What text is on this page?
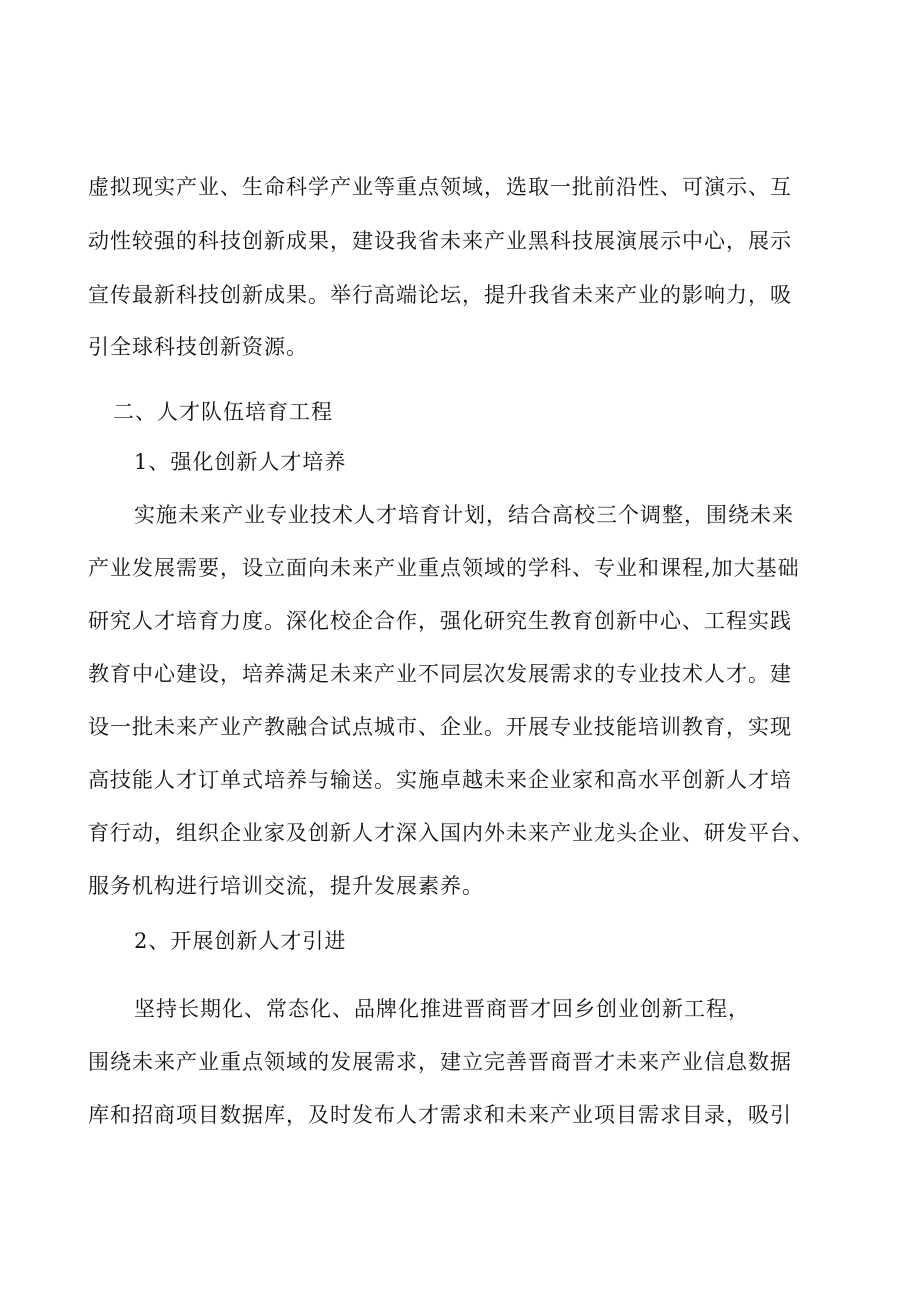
虚拟现实产业、生命科学产业等重点领域，选取一批前沿性、可演示、互
动性较强的科技创新成果，建设我省未来产业黑科技展演展示中心，展示
宣传最新科技创新成果。举行高端论坛，提升我省未来产业的影响力，吸
引全球科技创新资源。
二、人才队伍培育工程
1、强化创新人才培养
实施未来产业专业技术人才培育计划，结合高校三个调整，围绕未来
产业发展需要，设立面向未来产业重点领域的学科、专业和课程,加大基础
研究人才培育力度。深化校企合作，强化研究生教育创新中心、工程实践
教育中心建设，培养满足未来产业不同层次发展需求的专业技术人才。建
设一批未来产业产教融合试点城市、企业。开展专业技能培训教育，实现
高技能人才订单式培养与输送。实施卓越未来企业家和高水平创新人才培
育行动，组织企业家及创新人才深入国内外未来产业龙头企业、研发平台、
服务机构进行培训交流，提升发展素养。
2、开展创新人才引进
坚持长期化、常态化、品牌化推进晋商晋才回乡创业创新工程，
围绕未来产业重点领域的发展需求，建立完善晋商晋才未来产业信息数据
库和招商项目数据库，及时发布人才需求和未来产业项目需求目录，吸引
